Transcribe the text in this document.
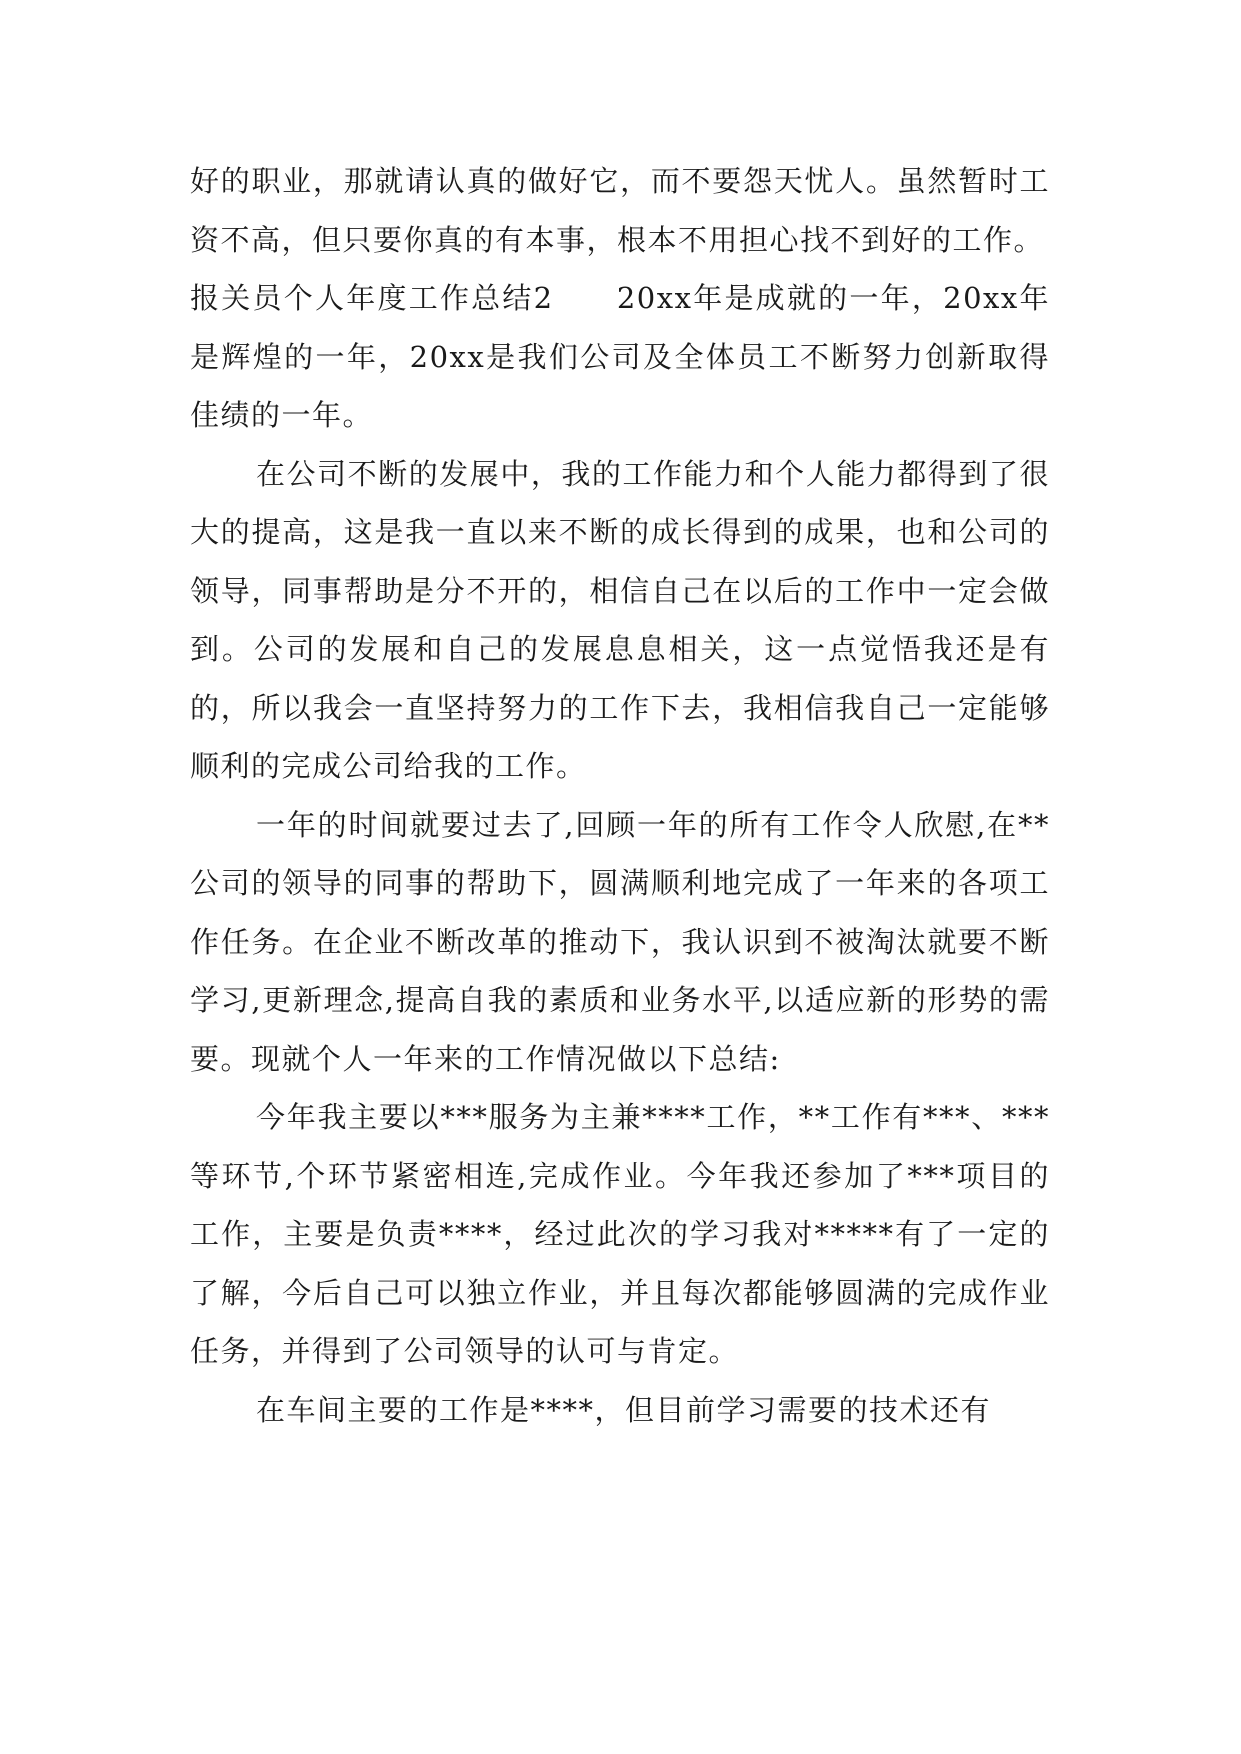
好的职业，那就请认真的做好它，而不要怨天忧人。虽然暂时工资不高，但只要你真的有本事，根本不用担心找不到好的工作。

报关员个人年度工作总结2　　20xx年是成就的一年，20xx年是辉煌的一年，20xx是我们公司及全体员工不断努力创新取得佳绩的一年。

在公司不断的发展中，我的工作能力和个人能力都得到了很大的提高，这是我一直以来不断的成长得到的成果，也和公司的领导，同事帮助是分不开的，相信自己在以后的工作中一定会做到。公司的发展和自己的发展息息相关，这一点觉悟我还是有的，所以我会一直坚持努力的工作下去，我相信我自己一定能够顺利的完成公司给我的工作。

一年的时间就要过去了,回顾一年的所有工作令人欣慰,在**公司的领导的同事的帮助下，圆满顺利地完成了一年来的各项工作任务。在企业不断改革的推动下，我认识到不被淘汰就要不断学习,更新理念,提高自我的素质和业务水平,以适应新的形势的需要。现就个人一年来的工作情况做以下总结:

今年我主要以***服务为主兼****工作，**工作有***、***等环节,个环节紧密相连,完成作业。今年我还参加了***项目的工作，主要是负责****，经过此次的学习我对*****有了一定的了解，今后自己可以独立作业，并且每次都能够圆满的完成作业任务，并得到了公司领导的认可与肯定。

在车间主要的工作是****，但目前学习需要的技术还有
